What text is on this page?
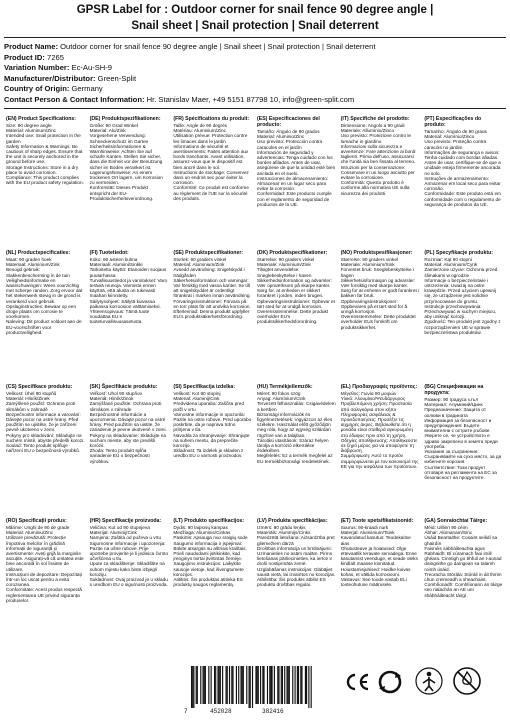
GPSR Label for : Outdoor corner for snail fence 90 degree angle |
Snail sheet | Snail protection | Snail deterrent
Product Name: Outdoor corner for snail fence 90 degree angle | Snail sheet | Snail protection | Snail deterrent
Product ID: 7265
Variation Number: Ec-Au-SH-9
Manufacturer/Distributor: Green-Split
Country of Origin: Germany
Contact Person & Contact Information: Hr. Stanislav Maer, +49 5151 87798 10, info@green-split.com
(EN) Product Specifications:
Size: 90 degree angle
Material: Aluminum/Zinc
Intended use: Snail protection in the garden
Safety Information & Warnings: Be cautious of sharp edges. Ensure that the unit is securely anchored in the ground before use.
Storage Instructions: Store in a dry place to avoid corrosion.
Compliance: This product complies with the EU product safety regulation.
(DE) Produktspezifikationen:
Größe: 90 Grad Winkel
Material: Alu/Zink
Vorgesehene Verwendung: Schneckenschutz im Garten
Sicherheitsinformationen & Warnhinweise: Achten Sie auf scharfe Kanten. Stellen Sie sicher, dass die Einheit vor der Benutzung sicher im Boden verankert ist.
Lagerungshinweise: An einem trockenen Ort lagern, um Korrosion zu vermeiden.
Konformität: Dieses Produkt entspricht der EU-Produktsicherheitsverordnung.
(FR) Spécifications du produit:
Taille: Angle de 90 degrés
Matériau: Aluminium/Zinc
Utilisation prévue: Protection contre les limaces dans le jardin
Informations de sécurité et avertissements: Faites attention aux bords tranchants. Avant utilisation, assurez-vous que le dispositif est bien ancré dans le sol.
Instructions de stockage: Conservez dans un endroit sec pour éviter la corrosion.
Conformité: Ce produit est conforme au règlement de l'UE sur la sécurité des produits.
(ES) Especificaciones del producto:
Tamaño: Ángulo de 90 grados
Material: Aluminio/Zinc
Uso previsto: Protección contra caracoles en el jardín
Información de seguridad y advertencias: Tenga cuidado con los bordes afilados. Antes de usar, asegúrese de que la unidad esté bien anclada en el suelo.
Instrucciones de almacenamiento: Almacenar en un lugar seco para evitar la corrosión.
Conformidad: Este producto cumple con el reglamento de seguridad de productos de la UE.
(IT) Specifiche del prodotto:
Dimensione: Angolo a 90 gradi
Materiale: Alluminio/Zinco
Uso previsto: Protezione contro le lumache in giardino
Informazioni sulla sicurezza e avvertenze: Fare attenzione ai bordi taglienti. Prima dell'uso, assicurarsi che l'unità sia ben fissata al terreno.
Istruzioni per la conservazione: Conservare in un luogo asciutto per evitare la corrosione.
Conformità: Questo prodotto è conforme alla normativa UE sulla sicurezza dei prodotti.
(PT) Especificações do produto:
Tamanho: Ângulo de 90 graus
Material: Alumínio/Zinco
Uso previsto: Proteção contra caracóis no jardim
Informações de segurança e avisos: Tenha cuidado com bordas afiadas. Antes de usar, certifique-se de que a unidade esteja firmemente ancorada no solo.
Instruções de armazenamento: Armazenar em local seco para evitar corrosão.
Conformidade: Este produto está em conformidade com o regulamento de segurança de produtos da UE.
(NL) Productspecificaties:
Maat: 90 graden hoek
Materiaal: Aluminium/Zink
Beoogd gebruik: Slakkenbescherming in de tuin
Veiligheidsinformatie en waarschuwingen: Wees voorzichtig met scherpe randen. Zorg ervoor dat het stekenwerk stevig in de grond is verankerd voor gebruik.
Opslaginstructies: Bewaar op een droge plaats om corrosie te voorkomen.
Naleving: Dit product voldoet aan de EU-voorschriften voor productveiligheid.
(FI) Tuotetiedot:
Koko: 90 asteen kulma
Materiaali: Alumiini/Sinkki
Tarkoitettu käyttö: Etanoiden suojaus puutarhassa
Turvallisuustiedot ja varoitukset: Varo teräviä reunoja. Varmista ennen käyttöä, että alusta on tukevasti maahan kiinnitetty.
Säilytysohjeet: Säilytä kuivassa paikassa korroosion välttämiseksi.
Yhteensopivuus: Tämä tuote noudattaa EU:n tuoteturvallisuusasetusta.
(SE) Produktspecifikationer:
Storlek: 90 graders vinkel
Material: Aluminium/Zink
Avsedd användning: Snigelskydd i trädgården
Säkerhetsinformation och varningar: Var försiktig med vassa kanter. Se till att snigelskyddet är ordentligt förankrat i marken innan användning.
Förvaringsinstruktioner: Förvara på en torr plats för att undvika korrosion.
Efterlevnad: Denna produkt uppfyller EU:s produktsäkerhetsförordning.
(DK) Produktspecifikationer:
Størrelse: 90 graders vinkel
Materiale: Aluminium/Zink
Tilsigtet anvendelse: Sneglebeskyttelse i haven
Sikkerhedsinformation og advarsler: Vær opmærksom på skarpe kanter. Sørg for, at enheden er sikkert forankret i jorden, inden brugen.
Opbevaringsinstruktioner: Opbevar et tørt sted for at undgå korrosion.
Overensstemmelse: Dette produkt overholder EU's produktsikkerhedsforordning.
(NO) Produktspesifikasjoner:
Størrelse: 90 graders vinkel
Materiale: Aluminium/Sink
Forventet bruk: Sneglebeskyttelse i hagen
Sikkerhetsinformasjon og advarsler: Vær forsiktig med skarpe kanter. Sørg for at enheten er godt forankret i bakken før bruk.
Oppbevaringsinstruksjoner: Oppbevares på et tørt sted for å unngå korrosjon.
Overensstemmelse: Dette produktet overholder EUs forskrift om produktsikkerhet.
(PL) Specyfikacje produktu:
Rozmiar: Kąt 90 stopni
Materiał: Aluminium/Cynk
Zamierzone użycie: Ochrona przed ślimakami w ogrodzie
Informacje o bezpieczeństwie i ostrzeżenia: Uważaj na ostre krawędzie. Przed użyciem upewnij się, że urządzenie jest solidnie przymocowane do gruntu.
Instrukcje przechowywania: Przechowywać w suchym miejscu, aby uniknąć korozji.
Zgodność: Ten produkt jest zgodny z rozporządzeniem UE w sprawie bezpieczeństwa produktów.
(CS) Specifikace produktu:
Velikost: Úhel 90 stupňů
Materiál: Hliník/Zinek
Zamýšlené použití: Ochrana proti slimákům v zahradě
Bezpečnostní informace a varování: Dávejte pozor na ostré hrany. Před použitím se ujistěte, že je zařízení pevně ukotveno v zemi.
Pokyny pro skladování: Skladujte na suchém místě, abyste předešli korozi.
Soulad: Tento produkt splňuje nařízení EU o bezpečnosti výrobků.
(SK) Špecifikácie produktu:
Veľkosť: Uhol 90 stupňov
Materiál: Hliník/Zinok
Zamýšľané použitie: Ochrana proti slimákom v záhrade
Bezpečnostné informácie a upozornenia: Dávajte pozor na ostré hrany. Pred použitím sa uistite, že zariadenie je pevne ukotvené v zemi.
Pokyny na skladovanie: Skladujte na suchom mieste, aby ste predišli korózii.
Zhoda: Tento produkt spĺňa nariadenie EÚ o bezpečnosti výrobkov.
(SI) Specifikacija izdelka:
Velikost: Kot 90 stopinj
Material: Aluminij/Cink
Predvidena uporaba: Zaščita pred polži v vrtu
Varnostne informacije in opozorila: Pazite na ostre robove. Pred uporabo poskrbite, da je naprava trdno pritrjena v tla.
Navodila za shranjevanje: Shranjujte na suhem mestu, da preprečite korozijo.
Skladnost: Ta izdelek je skladen z uredbo EU o varnosti proizvodov.
(HU) Termékjellemzők:
Méret: 90 fokos szög
Anyag: Alumínium/Cink
Tervezett felhasználás: Csigavédelem a kertben
Biztonsági információk és figyelmeztetések: Vigyázzon az éles szélekre. Használat előtt győződjön meg róla, hogy az egység szilárdan rögzítve van a talajban.
Tárolási utasítások: Száraz helyen tárolja a korrózió elkerülése érdekében.
Megfelelés: Ez a termék megfelel az EU termékbiztonsági rendeletének.
(EL) Προδιαγραφές προϊόντος:
Μέγεθος: Γωνία 90 μοιρών
Υλικό: Αλουμίνιο/Ψευδάργυρος
Προβλεπόμενη χρήση: Προστασία από σαλιγκάρια στον κήπο
Πληροφορίες ασφάλειας & προειδοποιήσεις: Προσέξτε τις αιχμηρές άκρες. Βεβαιωθείτε ότι η μονάδα είναι σταθερά αγκυρωμένη στο έδαφος πριν από τη χρήση.
Οδηγίες αποθήκευσης: Αποθηκεύστε σε ξηρό μέρος για να αποφύγετε τη διάβρωση.
Συμμόρφωση: Αυτό το προϊόν συμμορφώνεται με τον κανονισμό της ΕΕ για την ασφάλεια των προϊόντων.
(BG) Спецификации на продукта:
Размер: 90 градуса ъгъл
Материал: Алуминий/Цинк
Предназначение: Защита от охлюви в градината
Информация за безопасност и предупреждения: Бъдете внимателни с острите ръбове. Уверете се, че устройството е здраво закрепено в земята преди употреба.
Указания за съхранение: Съхранявайте на сухо място, за да избегнете корозия.
Съответствие: Този продукт отговаря на регламента на ЕС за безопасност на продуктите.
(RO) Specificații produs:
Mărime: Unghi de 90 de grade
Material: Aluminiu/Zinc
Utilizare prevăzută: Protecție împotriva melcilor în grădină
Informații de siguranță și avertismente: Aveți grijă la marginile ascuțite. Asigurați-vă că unitatea este bine ancorată în sol înainte de utilizare.
Instrucțiuni de depozitare: Depozitați într-un loc uscat pentru a evita coroziunea.
Conformitate: Acest produs respectă reglementarea UE privind siguranța produselor.
(HR) Specifikacije proizvoda:
Veličina: Kut od 90 stupnjeva
Materijal: Aluminij/Cink
Namjena: Zaštita od puževa u vrtu
Sigurnosne informacije i upozorenja: Pazite na oštre rubove. Prije upotrebe provjerite je li jedinica čvrsto učvršćena u tlu.
Upute za skladištenje: Skladištite na suhom mjestu kako biste izbjegli koroziju.
Sukladnost: Ovaj proizvod je u skladu s uredbom EU o sigurnosti proizvoda.
(LT) Produkto specifikacijos:
Dydis: 90 laipsnių kampas
Medžiaga: Aliuminis/Cinkas
Paskirtis: Apsauga nuo sraigių sode
Saugumo informacija ir įspėjimai: Būkite atsargūs su aštriais kraštais. Prieš naudodami įsitikinkite, kad įrenginys tvirtai įtvirtintas žemėje.
Saugojimo instrukcijos: Laikykite sausoje vietoje, kad išvengtumėte korozijos.
Atitiktis: Šis produktas atitinka ES produktų saugos reglamentą.
(LV) Produkta specifikācijas:
Izmērs: 90 grādu leņķis
Materiāls: Alumīnijs/Cinks
Paredzētā lietošana: Aizsardzība pret gliemežiem dārzā
Drošības informācija un brīdinājumi: Uzmanieties no asām malām. Pirms lietošanas pārliecinieties, ka ierīce ir droši nostiprināta zemē.
Uzglabāšanas instrukcijas: Glabājiet sausā vietā, lai izvairītos no korozijas.
Atbilstība: Šis produkts atbilst ES produktu drošības regulai.
(ET) Toote spetsifikatsioonid:
Suurus: 90-kraadi nurk
Materjal: Alumiinium/Tsink
Kavandatud kasutus: Teodekaitse aias
Ohutusteave ja hoiatused: Olge ettevaatlik teravate servadega. Enne kasutamist veenduge, et seade oleks kindlalt maasse kinnitatud.
Hoiustamisjuhised: Hoidke kuivas kohas, et vältida korrosiooni.
Vastavus: See toode vastab ELi tooteohutuse määrusele.
(GA) Sonraíochtaí Táirge:
Méid: Uillinn 90 céim
Ábhar: Alúmanam/Sinc
Úsáid Beartaithe: Cosaint seilidí sa ghairdín
Faisnéis sábháilteachta agus Rabhaidh: Bí cúramach faoi imill ghéara. Cinntigh go bhfuil an t-aonad daingnithe go daingean sa talamh roimh úsáid.
Treoracha Stórála: Stóráil in áit thirim chun creimeadh a sheachaint.
Comhlíonadh: Comhlíonann an táirge seo rialachán an AE um shábháilteacht táirgí.
7	452028	382416
